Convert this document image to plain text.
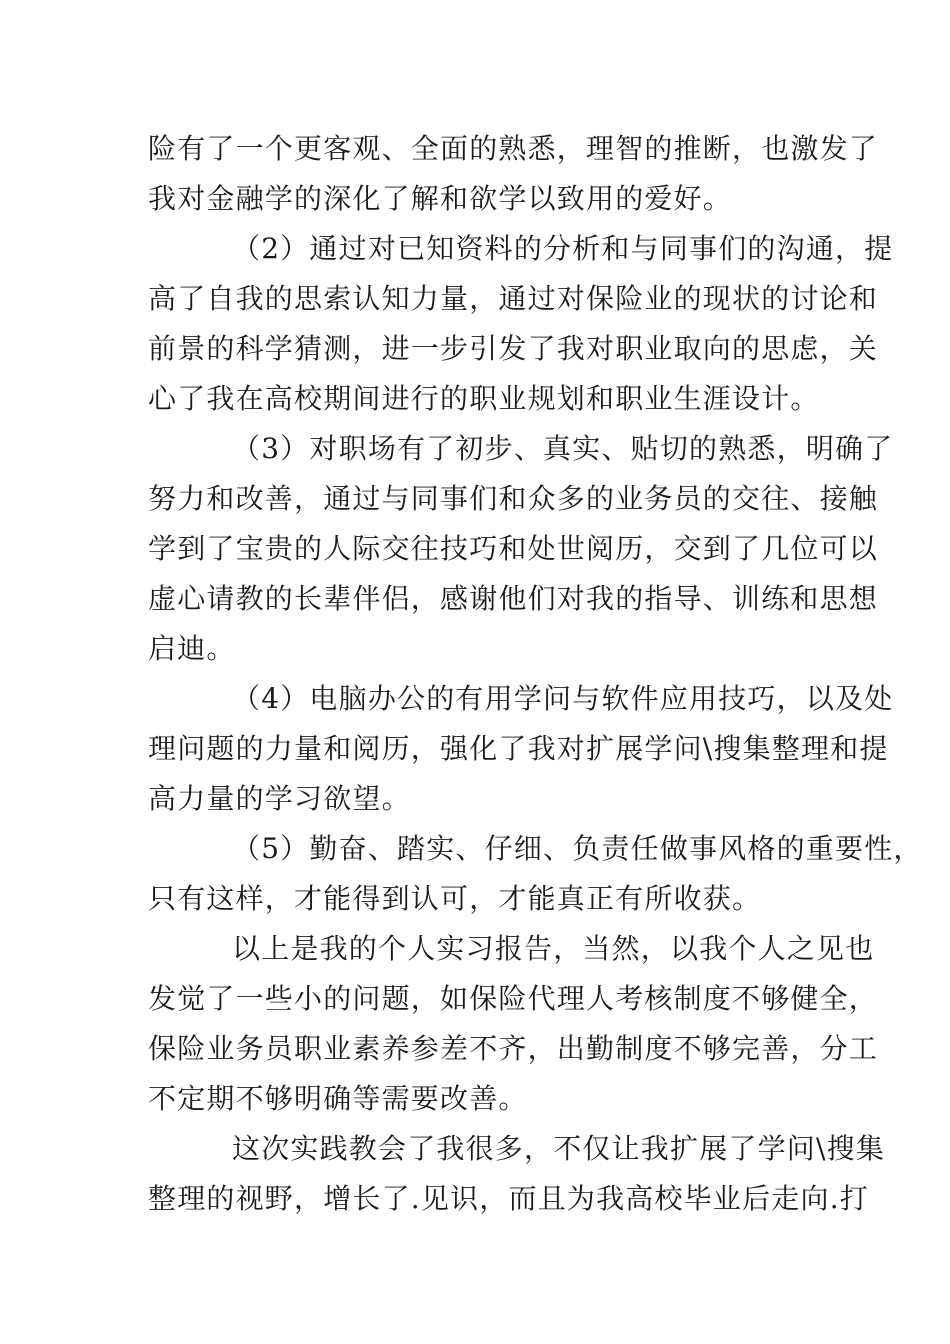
险有了一个更客观、全面的熟悉，理智的推断，也激发了
我对金融学的深化了解和欲学以致用的爱好。

（2）通过对已知资料的分析和与同事们的沟通，提
高了自我的思索认知力量，通过对保险业的现状的讨论和
前景的科学猜测，进一步引发了我对职业取向的思虑，关
心了我在高校期间进行的职业规划和职业生涯设计。

（3）对职场有了初步、真实、贴切的熟悉，明确了
努力和改善，通过与同事们和众多的业务员的交往、接触
学到了宝贵的人际交往技巧和处世阅历，交到了几位可以
虚心请教的长辈伴侣，感谢他们对我的指导、训练和思想
启迪。

（4）电脑办公的有用学问与软件应用技巧，以及处
理问题的力量和阅历，强化了我对扩展学问\搜集整理和提
高力量的学习欲望。

（5）勤奋、踏实、仔细、负责任做事风格的重要性，
只有这样，才能得到认可，才能真正有所收获。

以上是我的个人实习报告，当然，以我个人之见也
发觉了一些小的问题，如保险代理人考核制度不够健全，
保险业务员职业素养参差不齐，出勤制度不够完善，分工
不定期不够明确等需要改善。

这次实践教会了我很多，不仅让我扩展了学问\搜集
整理的视野，增长了.见识，而且为我高校毕业后走向.打
